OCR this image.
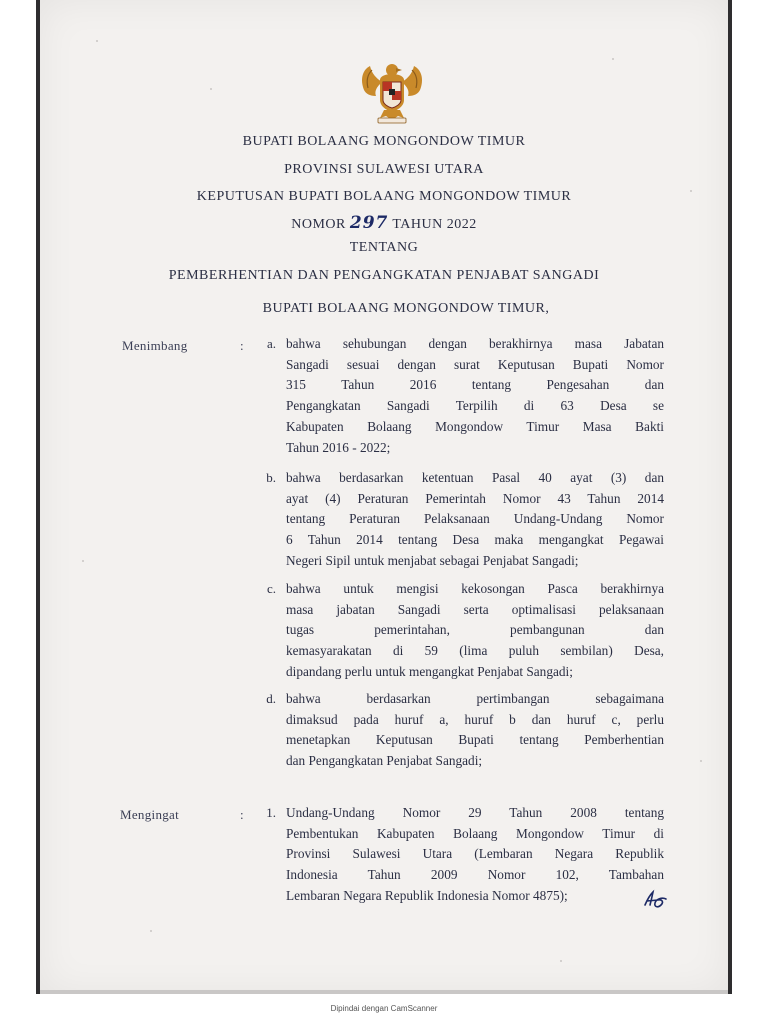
BUPATI BOLAANG MONGONDOW TIMUR
PROVINSI SULAWESI UTARA
KEPUTUSAN BUPATI BOLAANG MONGONDOW TIMUR
NOMOR 297 TAHUN 2022
TENTANG
PEMBERHENTIAN DAN PENGANGKATAN PENJABAT SANGADI
BUPATI BOLAANG MONGONDOW TIMUR,
Menimbang	:	a. bahwa sehubungan dengan berakhirnya masa Jabatan
Sangadi sesuai dengan surat Keputusan Bupati Nomor
315 Tahun 2016 tentang Pengesahan dan
Pengangkatan Sangadi Terpilih di 63 Desa se
Kabupaten Bolaang Mongondow Timur Masa Bakti
Tahun 2016 - 2022;
b. bahwa berdasarkan ketentuan Pasal 40 ayat (3) dan
ayat (4) Peraturan Pemerintah Nomor 43 Tahun 2014
tentang Peraturan Pelaksanaan Undang-Undang Nomor
6 Tahun 2014 tentang Desa maka mengangkat Pegawai
Negeri Sipil untuk menjabat sebagai Penjabat Sangadi;
c. bahwa untuk mengisi kekosongan Pasca berakhirnya
masa jabatan Sangadi serta optimalisasi pelaksanaan
tugas pemerintahan, pembangunan dan
kemasyarakatan di 59 (lima puluh sembilan) Desa,
dipandang perlu untuk mengangkat Penjabat Sangadi;
d. bahwa berdasarkan pertimbangan sebagaimana
dimaksud pada huruf a, huruf b dan huruf c, perlu
menetapkan Keputusan Bupati tentang Pemberhentian
dan Pengangkatan Penjabat Sangadi;
Mengingat	:	1. Undang-Undang Nomor 29 Tahun 2008 tentang
Pembentukan Kabupaten Bolaang Mongondow Timur di
Provinsi Sulawesi Utara (Lembaran Negara Republik
Indonesia Tahun 2009 Nomor 102, Tambahan
Lembaran Negara Republik Indonesia Nomor 4875);
Dipindai dengan CamScanner
